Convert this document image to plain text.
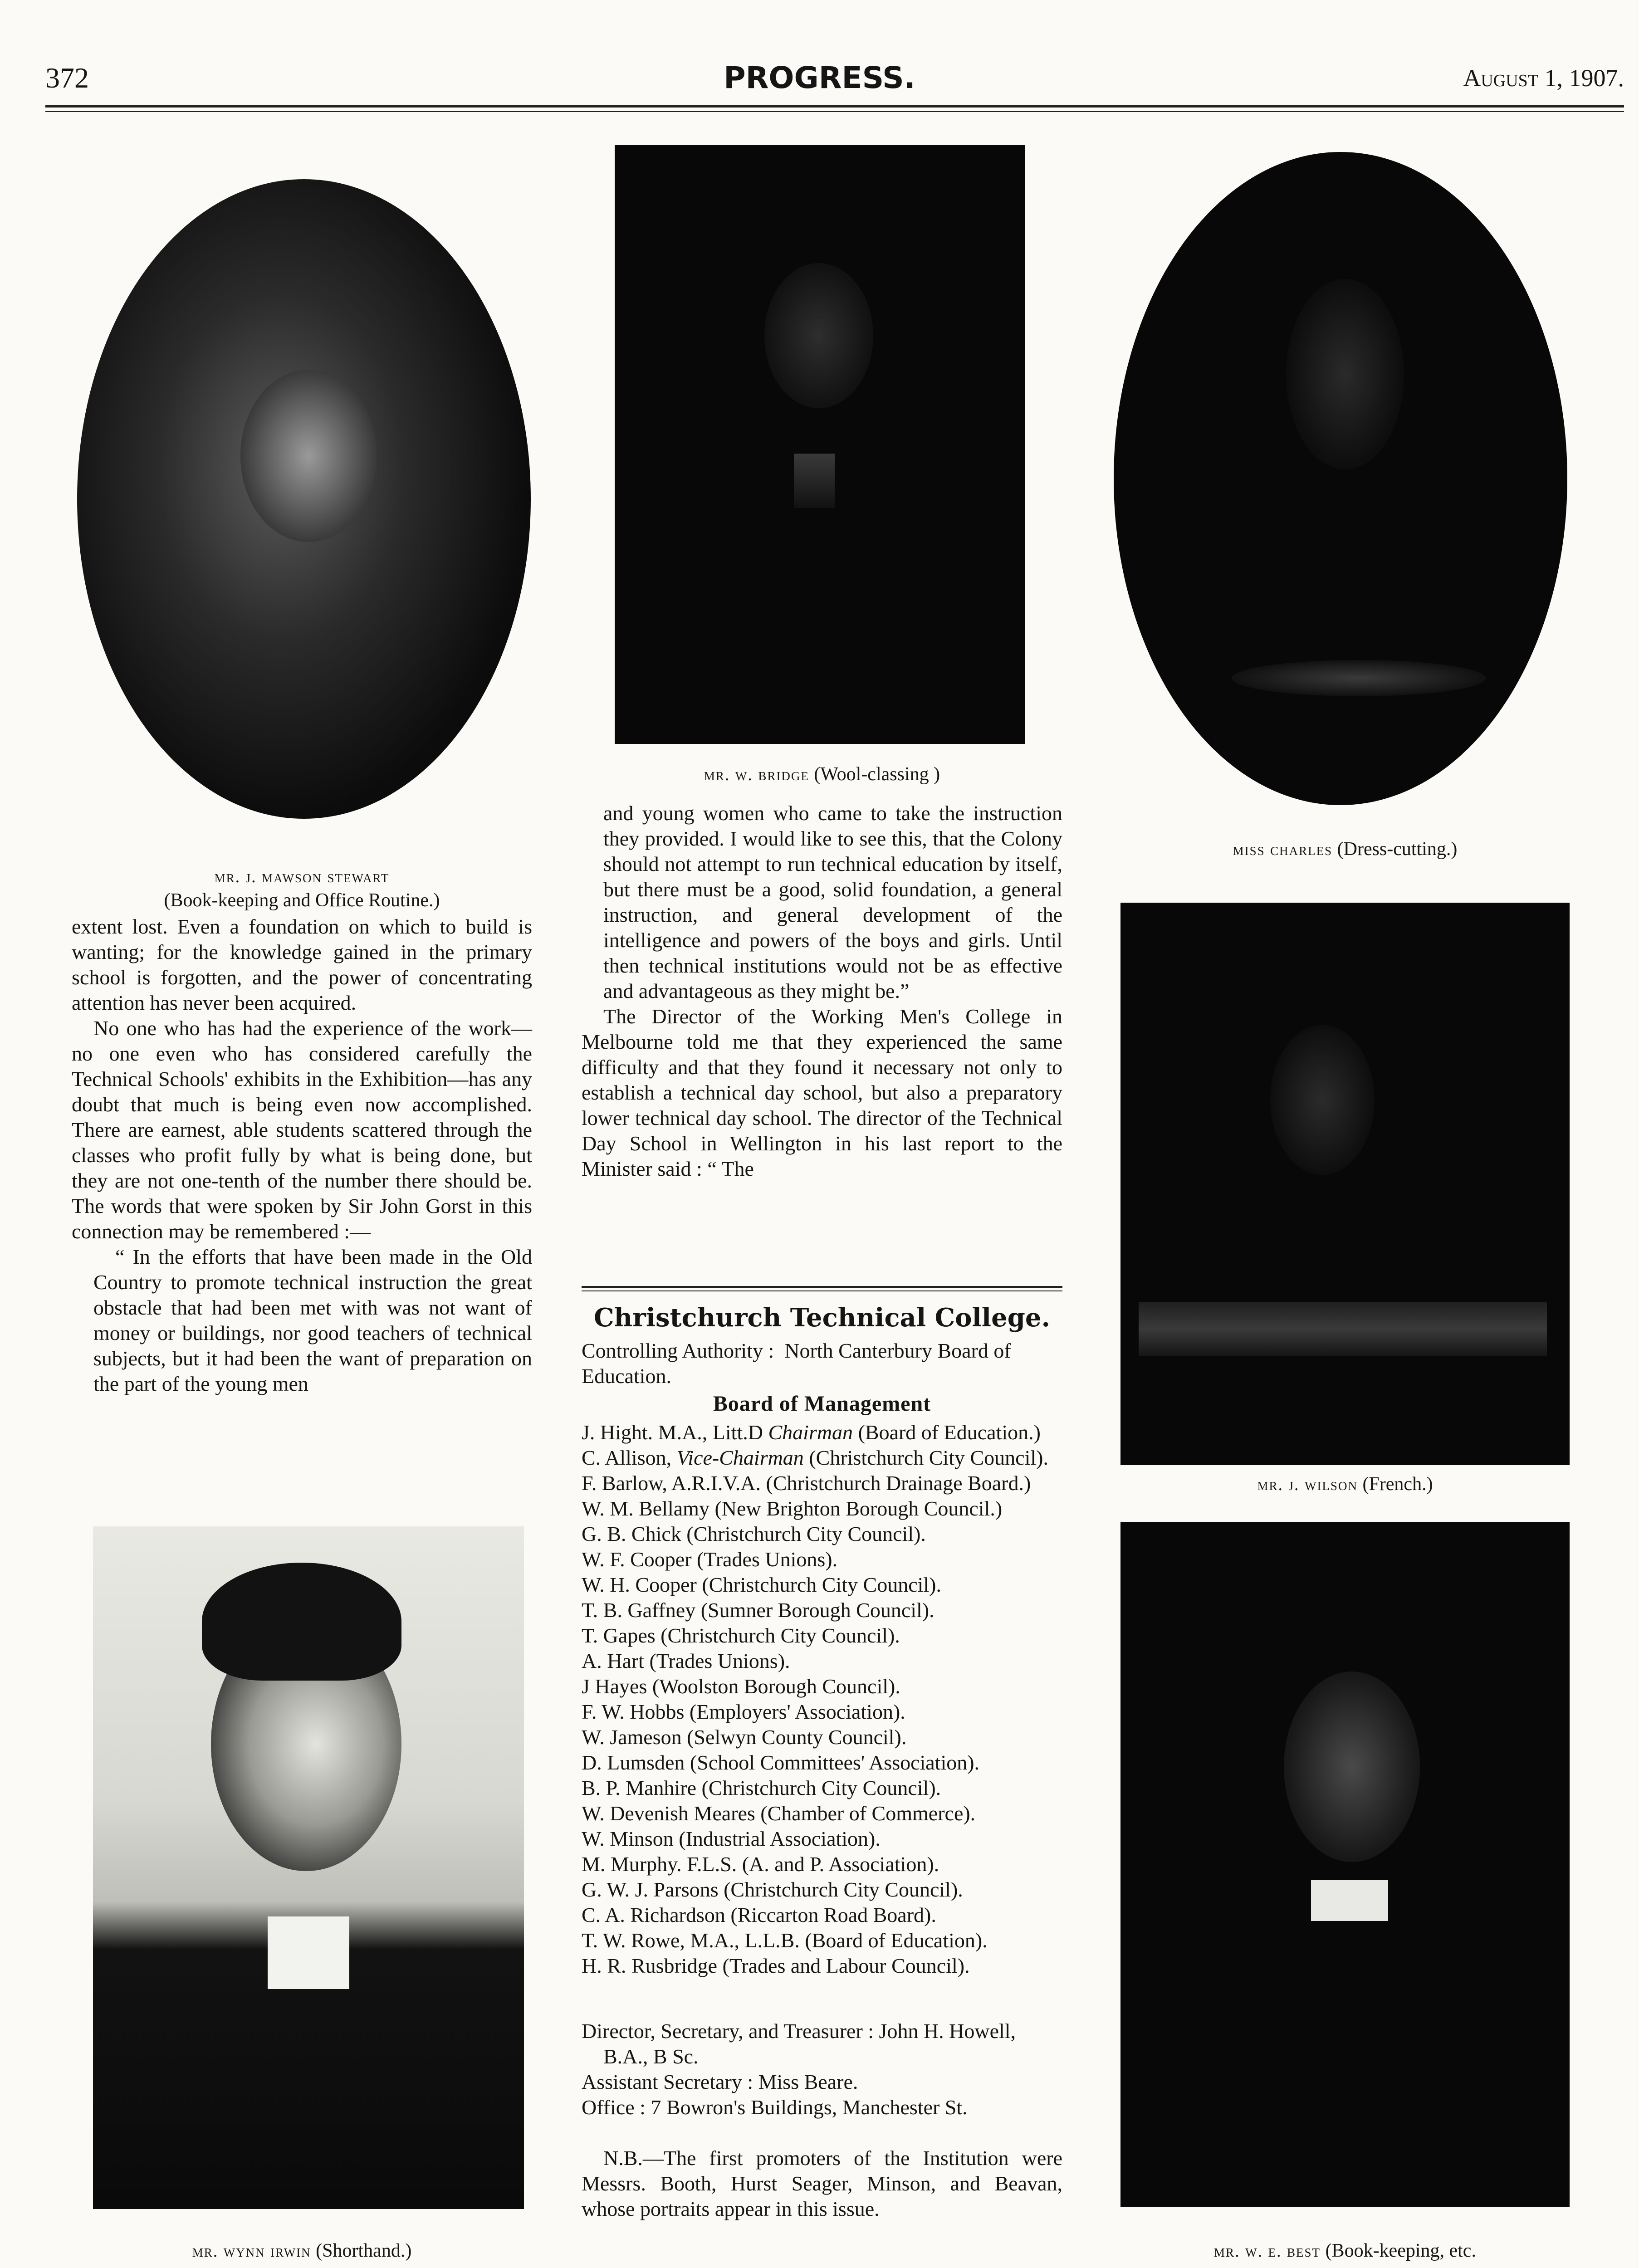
372	PROGRESS.	August 1, 1907.
mr. j. mawson stewart
(Book-keeping and Office Routine.)
mr. w. bridge (Wool-classing )
miss charles (Dress-cutting.)
mr. j. wilson (French.)
mr. wynn irwin (Shorthand.)	mr. w. e. best (Book-keeping, etc.

extent lost. Even a foundation on which to build is wanting; for the knowledge gained in the primary school is forgotten, and the power of concentrating attention has never been acquired.

No one who has had the experience of the work—no one even who has considered carefully the Technical Schools' exhibits in the Exhibition—has any doubt that much is being even now accomplished. There are earnest, able students scattered through the classes who profit fully by what is being done, but they are not one-tenth of the number there should be. The words that were spoken by Sir John Gorst in this connection may be remembered :—

“ In the efforts that have been made in the Old Country to promote technical instruction the great obstacle that had been met with was not want of money or buildings, nor good teachers of technical subjects, but it had been the want of preparation on the part of the young men

and young women who came to take the instruction they provided. I would like to see this, that the Colony should not attempt to run technical education by itself, but there must be a good, solid foundation, a general instruction, and general development of the intelligence and powers of the boys and girls. Until then technical institutions would not be as effective and advantageous as they might be.”

The Director of the Working Men's College in Melbourne told me that they experienced the same difficulty and that they found it necessary not only to establish a technical day school, but also a preparatory lower technical day school. The director of the Technical Day School in Wellington in his last report to the Minister said : “ The

Christchurch Technical College.

Controlling Authority : North Canterbury Board of Education.

Board of Management

J. Hight. M.A., Litt.D Chairman (Board of Education.)

C. Allison, Vice-Chairman (Christchurch City Council).

F. Barlow, A.R.I.V.A. (Christchurch Drainage Board.)

W. M. Bellamy (New Brighton Borough Council.)

G. B. Chick (Christchurch City Council).

W. F. Cooper (Trades Unions).

W. H. Cooper (Christchurch City Council).

T. B. Gaffney (Sumner Borough Council).

T. Gapes (Christchurch City Council).

A. Hart (Trades Unions).

J Hayes (Woolston Borough Council).

F. W. Hobbs (Employers' Association).

W. Jameson (Selwyn County Council).

D. Lumsden (School Committees' Association).

B. P. Manhire (Christchurch City Council).

W. Devenish Meares (Chamber of Commerce).

W. Minson (Industrial Association).

M. Murphy. F.L.S. (A. and P. Association).

G. W. J. Parsons (Christchurch City Council).

C. A. Richardson (Riccarton Road Board).

T. W. Rowe, M.A., L.L.B. (Board of Education).

H. R. Rusbridge (Trades and Labour Council).

Director, Secretary, and Treasurer : John H. Howell, B.A., B Sc.

Assistant Secretary : Miss Beare.

Office : 7 Bowron's Buildings, Manchester St.

N.B.—The first promoters of the Institution were Messrs. Booth, Hurst Seager, Minson, and Beavan, whose portraits appear in this issue.
